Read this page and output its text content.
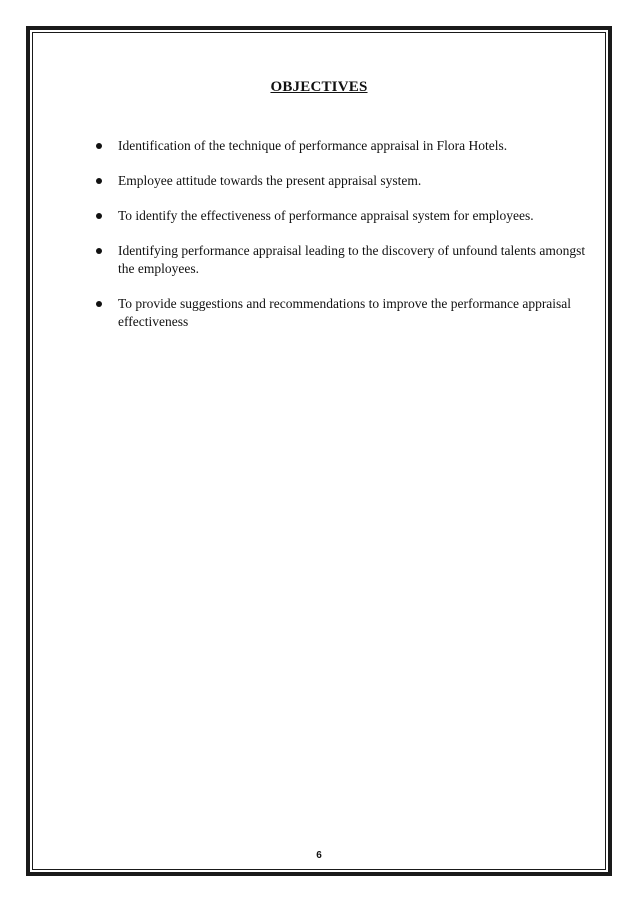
OBJECTIVES
Identification of the technique of performance appraisal in Flora Hotels.
Employee attitude towards the present appraisal system.
To identify the effectiveness of performance appraisal system for employees.
Identifying performance appraisal leading to the discovery of unfound talents amongst the employees.
To provide suggestions and recommendations to improve the performance appraisal effectiveness
6
